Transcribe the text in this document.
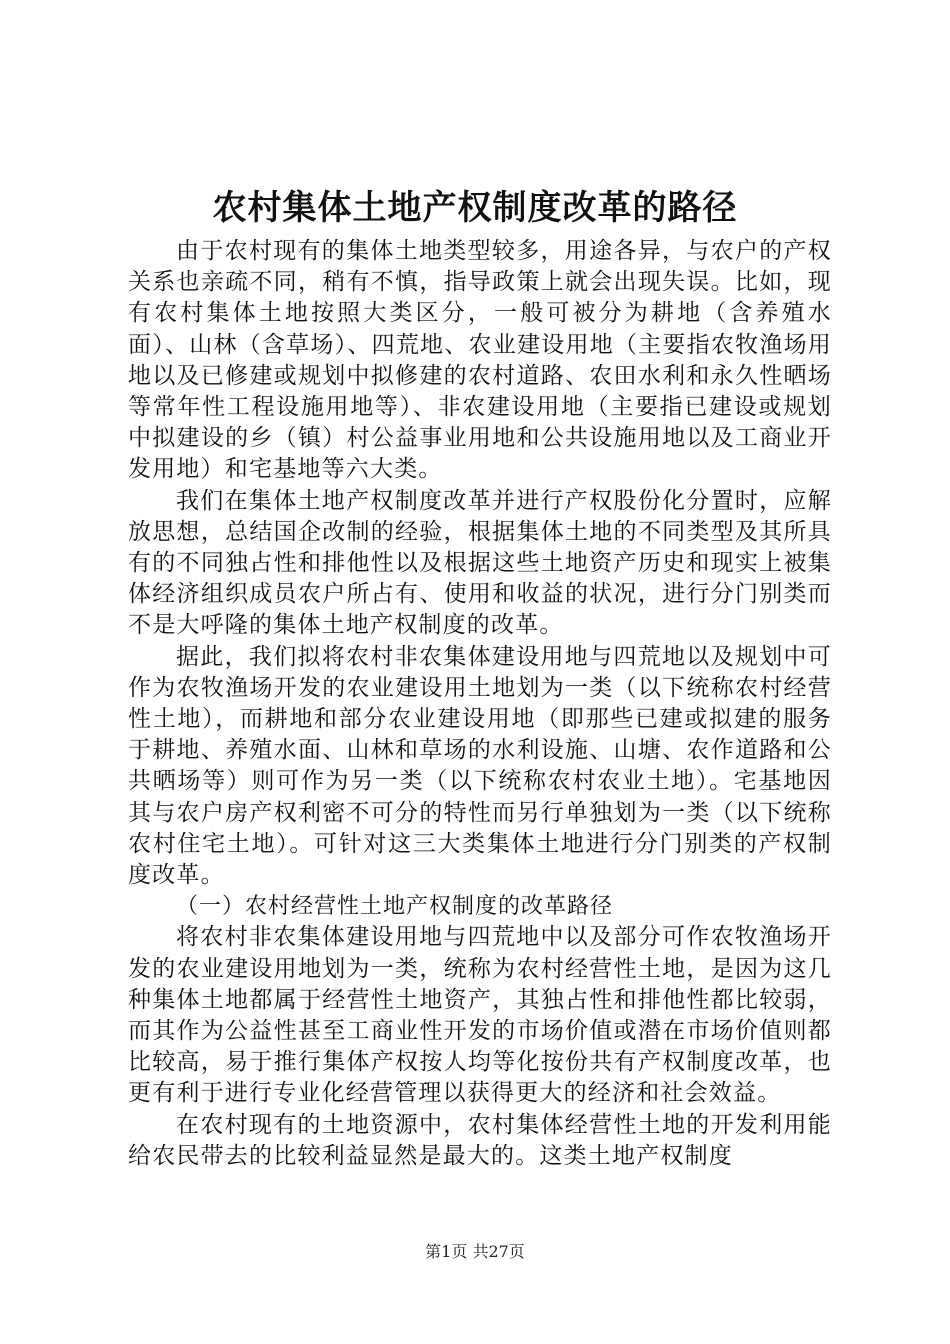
农村集体土地产权制度改革的路径

由于农村现有的集体土地类型较多，用途各异，与农户的产权关系也亲疏不同，稍有不慎，指导政策上就会出现失误。比如，现有农村集体土地按照大类区分，一般可被分为耕地（含养殖水面）、山林（含草场）、四荒地、农业建设用地（主要指农牧渔场用地以及已修建或规划中拟修建的农村道路、农田水利和永久性晒场等常年性工程设施用地等）、非农建设用地（主要指已建设或规划中拟建设的乡（镇）村公益事业用地和公共设施用地以及工商业开发用地）和宅基地等六大类。

我们在集体土地产权制度改革并进行产权股份化分置时，应解放思想，总结国企改制的经验，根据集体土地的不同类型及其所具有的不同独占性和排他性以及根据这些土地资产历史和现实上被集体经济组织成员农户所占有、使用和收益的状况，进行分门别类而不是大呼隆的集体土地产权制度的改革。

据此，我们拟将农村非农集体建设用地与四荒地以及规划中可作为农牧渔场开发的农业建设用土地划为一类（以下统称农村经营性土地），而耕地和部分农业建设用地（即那些已建或拟建的服务于耕地、养殖水面、山林和草场的水利设施、山塘、农作道路和公共晒场等）则可作为另一类（以下统称农村农业土地）。宅基地因其与农户房产权利密不可分的特性而另行单独划为一类（以下统称农村住宅土地）。可针对这三大类集体土地进行分门别类的产权制度改革。

（一）农村经营性土地产权制度的改革路径

将农村非农集体建设用地与四荒地中以及部分可作农牧渔场开发的农业建设用地划为一类，统称为农村经营性土地，是因为这几种集体土地都属于经营性土地资产，其独占性和排他性都比较弱，而其作为公益性甚至工商业性开发的市场价值或潜在市场价值则都比较高，易于推行集体产权按人均等化按份共有产权制度改革，也更有利于进行专业化经营管理以获得更大的经济和社会效益。

在农村现有的土地资源中，农村集体经营性土地的开发利用能给农民带去的比较利益显然是最大的。这类土地产权制度

第1页 共27页
